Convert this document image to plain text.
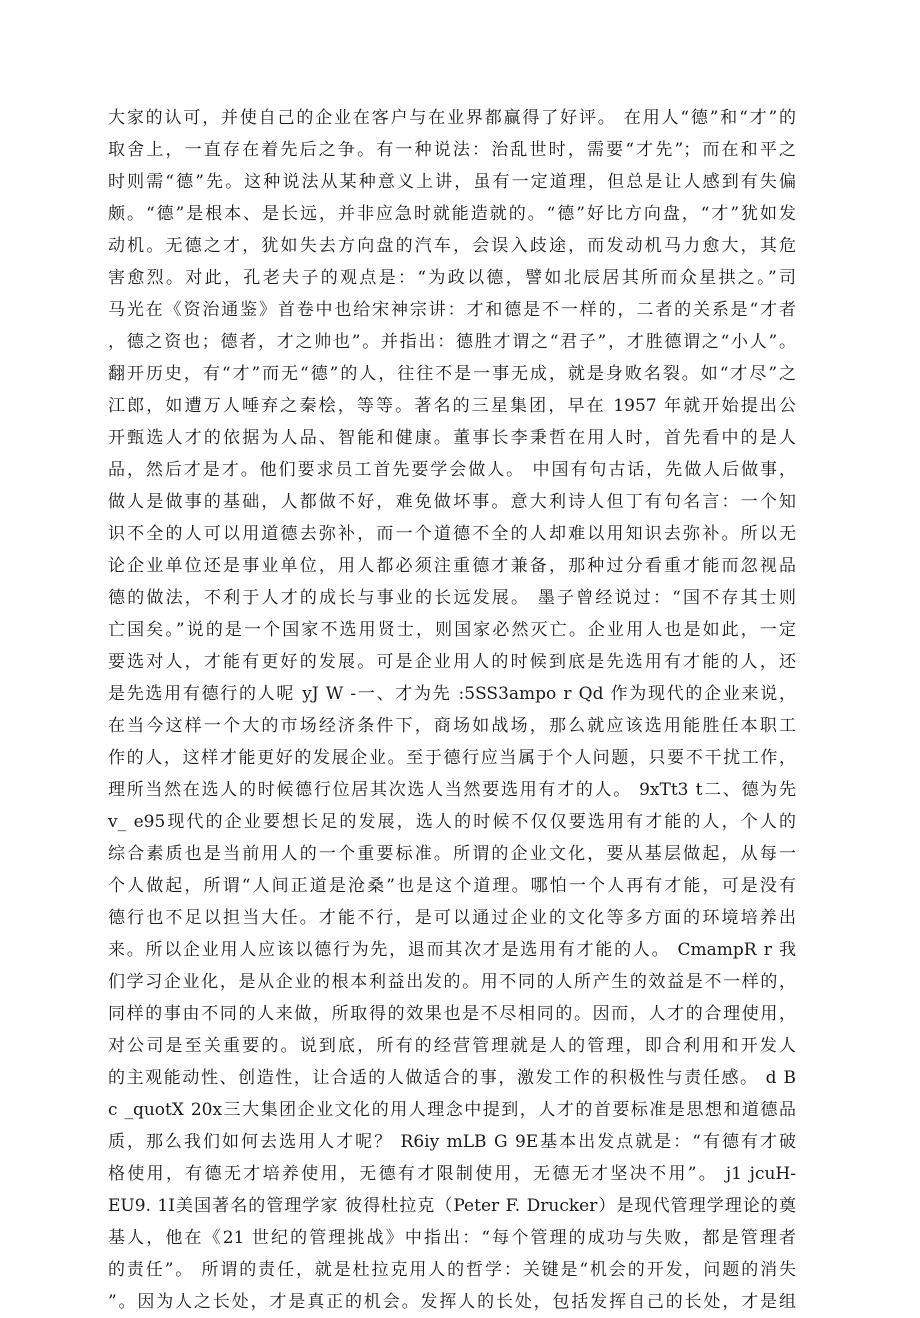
大家的认可，并使自己的企业在客户与在业界都赢得了好评。 在用人“德”和“才”的
取舍上，一直存在着先后之争。有一种说法：治乱世时，需要“才先”；而在和平之
时则需“德”先。这种说法从某种意义上讲，虽有一定道理，但总是让人感到有失偏
颇。“德”是根本、是长远，并非应急时就能造就的。“德”好比方向盘，“才”犹如发
动机。无德之才，犹如失去方向盘的汽车，会误入歧途，而发动机马力愈大，其危
害愈烈。对此，孔老夫子的观点是：“为政以德，譬如北辰居其所而众星拱之。”司
马光在《资治通鉴》首卷中也给宋神宗讲：才和德是不一样的，二者的关系是“才者
，德之资也；德者，才之帅也”。并指出：德胜才谓之“君子”，才胜德谓之“小人”。
翻开历史，有“才”而无“德”的人，往往不是一事无成，就是身败名裂。如“才尽”之
江郎，如遭万人唾弃之秦桧，等等。著名的三星集团，早在 1957 年就开始提出公
开甄选人才的依据为人品、智能和健康。董事长李秉哲在用人时，首先看中的是人
品，然后才是才。他们要求员工首先要学会做人。 中国有句古话，先做人后做事，
做人是做事的基础，人都做不好，难免做坏事。意大利诗人但丁有句名言：一个知
识不全的人可以用道德去弥补，而一个道德不全的人却难以用知识去弥补。所以无
论企业单位还是事业单位，用人都必须注重德才兼备，那种过分看重才能而忽视品
德的做法，不利于人才的成长与事业的长远发展。 墨子曾经说过：“国不存其士则
亡国矣。”说的是一个国家不选用贤士，则国家必然灭亡。企业用人也是如此，一定
要选对人，才能有更好的发展。可是企业用人的时候到底是先选用有才能的人，还
是先选用有德行的人呢 yJ W -一、才为先 :5SS3ampo r Qd 作为现代的企业来说，
在当今这样一个大的市场经济条件下，商场如战场，那么就应该选用能胜任本职工
作的人，这样才能更好的发展企业。至于德行应当属于个人问题，只要不干扰工作，
理所当然在选人的时候德行位居其次选人当然要选用有才的人。 9xTt3 t二、德为先
v_ e95现代的企业要想长足的发展，选人的时候不仅仅要选用有才能的人，个人的
综合素质也是当前用人的一个重要标准。所谓的企业文化，要从基层做起，从每一
个人做起，所谓“人间正道是沧桑”也是这个道理。哪怕一个人再有才能，可是没有
德行也不足以担当大任。才能不行，是可以通过企业的文化等多方面的环境培养出
来。所以企业用人应该以德行为先，退而其次才是选用有才能的人。 CmampR r 我
们学习企业化，是从企业的根本利益出发的。用不同的人所产生的效益是不一样的，
同样的事由不同的人来做，所取得的效果也是不尽相同的。因而，人才的合理使用，
对公司是至关重要的。说到底，所有的经营管理就是人的管理，即合利用和开发人
的主观能动性、创造性，让合适的人做适合的事，激发工作的积极性与责任感。 d B
c _quotX 20x三大集团企业文化的用人理念中提到，人才的首要标准是思想和道德品
质，那么我们如何去选用人才呢？ R6iy mLB G 9E基本出发点就是：“有德有才破
格使用，有德无才培养使用，无德有才限制使用，无德无才坚决不用”。 j1 jcuH-
EU9. 1I美国著名的管理学家 彼得杜拉克（Peter F. Drucker）是现代管理学理论的奠
基人，他在《21 世纪的管理挑战》中指出：“每个管理的成功与失败，都是管理者
的责任”。 所谓的责任，就是杜拉克用人的哲学：关键是“机会的开发，问题的消失
”。因为人之长处，才是真正的机会。发挥人的长处，包括发挥自己的长处，才是组
